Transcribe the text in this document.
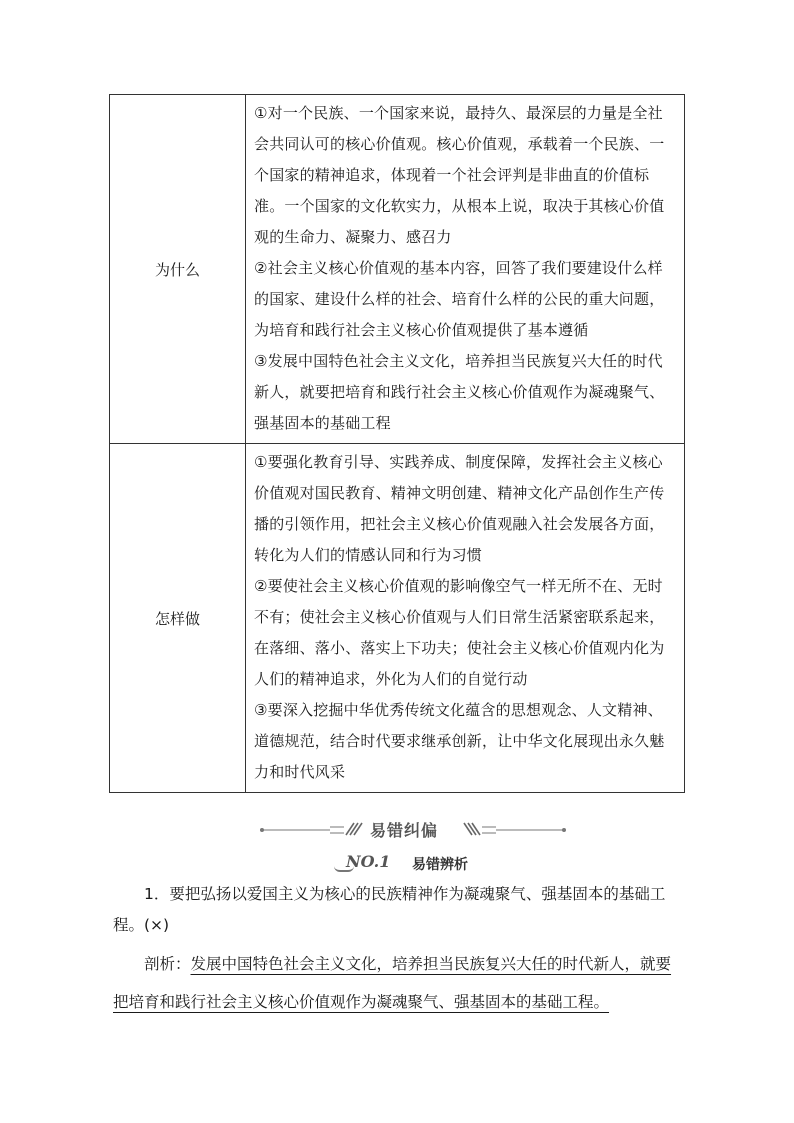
为什么	①对一个民族、一个国家来说，最持久、最深层的力量是全社会共同认可的核心价值观。核心价值观，承载着一个民族、一个国家的精神追求，体现着一个社会评判是非曲直的价值标准。一个国家的文化软实力，从根本上说，取决于其核心价值观的生命力、凝聚力、感召力

②社会主义核心价值观的基本内容，回答了我们要建设什么样的国家、建设什么样的社会、培育什么样的公民的重大问题，为培育和践行社会主义核心价值观提供了基本遵循

③发展中国特色社会主义文化，培养担当民族复兴大任的时代新人，就要把培育和践行社会主义核心价值观作为凝魂聚气、强基固本的基础工程

怎样做	①要强化教育引导、实践养成、制度保障，发挥社会主义核心价值观对国民教育、精神文明创建、精神文化产品创作生产传播的引领作用，把社会主义核心价值观融入社会发展各方面，转化为人们的情感认同和行为习惯

②要使社会主义核心价值观的影响像空气一样无所不在、无时不有；使社会主义核心价值观与人们日常生活紧密联系起来，在落细、落小、落实上下功夫；使社会主义核心价值观内化为人们的精神追求，外化为人们的自觉行动

③要深入挖掘中华优秀传统文化蕴含的思想观念、人文精神、道德规范，结合时代要求继承创新，让中华文化展现出永久魅力和时代风采

易错纠偏
NO.1 易错辨析
1．要把弘扬以爱国主义为核心的民族精神作为凝魂聚气、强基固本的基础工程。(×)
剖析：发展中国特色社会主义文化，培养担当民族复兴大任的时代新人，就要把培育和践行社会主义核心价值观作为凝魂聚气、强基固本的基础工程。
